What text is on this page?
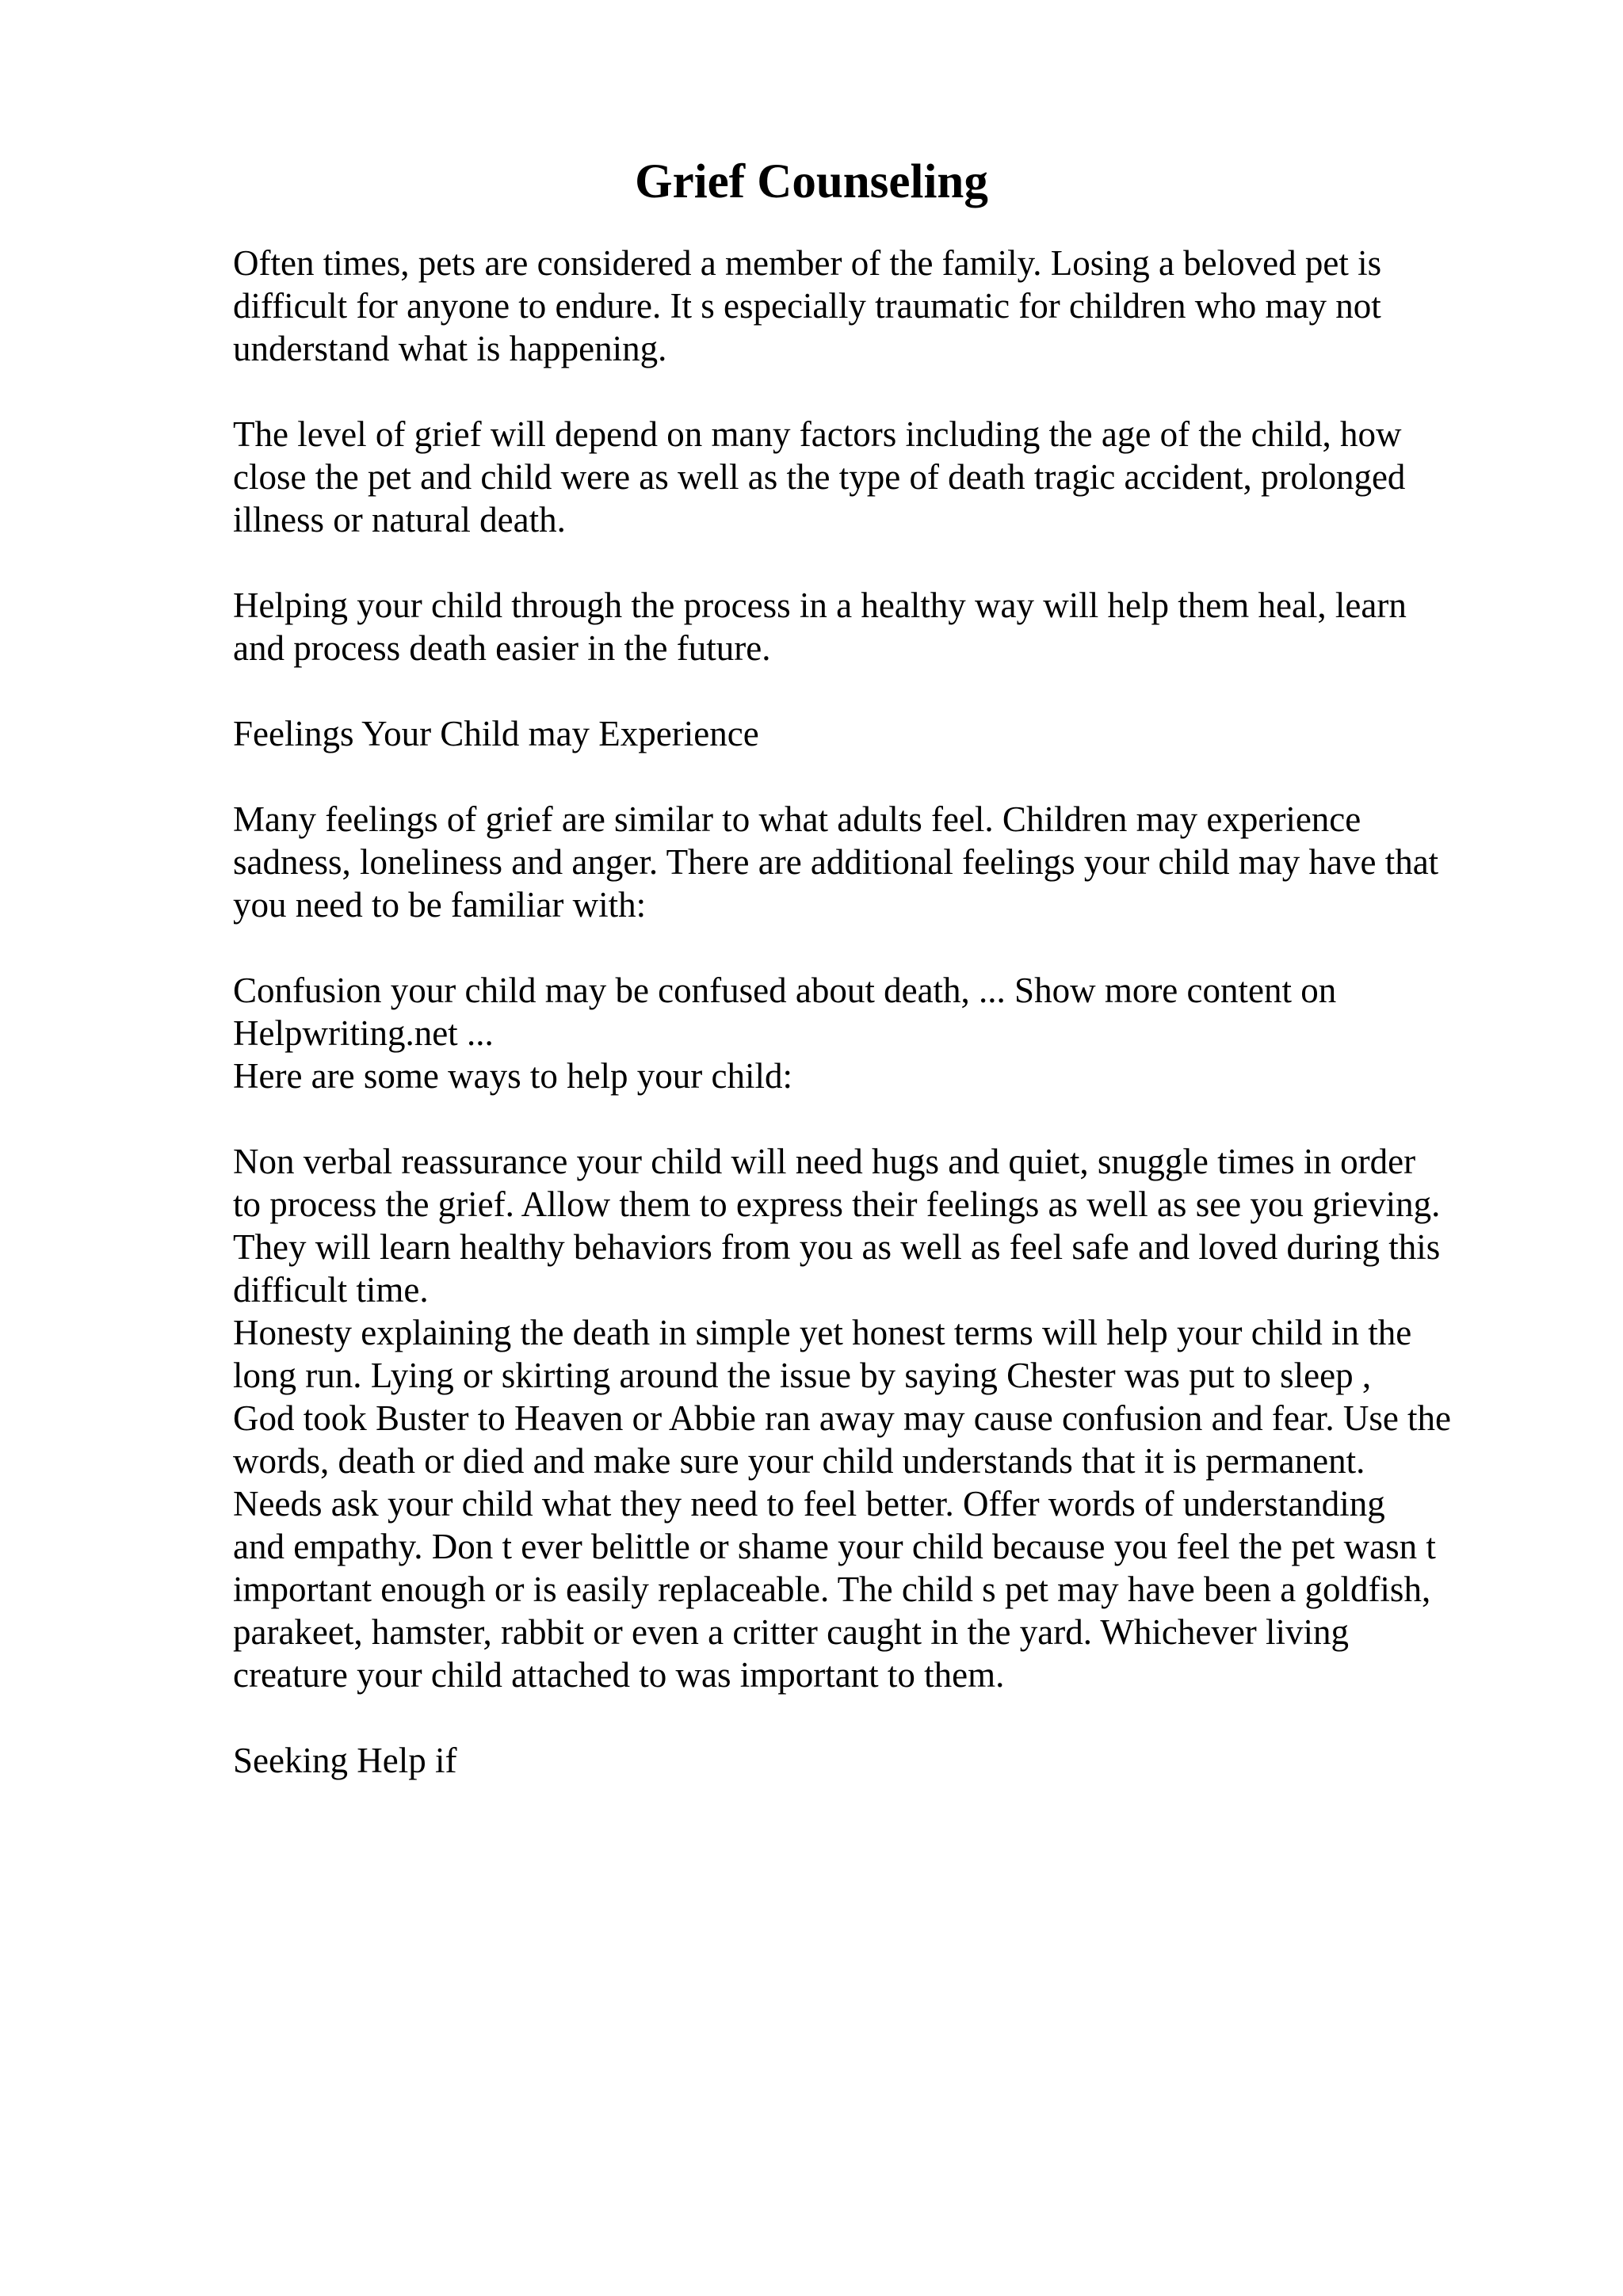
Grief Counseling
Often times, pets are considered a member of the family. Losing a beloved pet is
difficult for anyone to endure. It s especially traumatic for children who may not
understand what is happening.
The level of grief will depend on many factors including the age of the child, how
close the pet and child were as well as the type of death tragic accident, prolonged
illness or natural death.
Helping your child through the process in a healthy way will help them heal, learn
and process death easier in the future.
Feelings Your Child may Experience
Many feelings of grief are similar to what adults feel. Children may experience
sadness, loneliness and anger. There are additional feelings your child may have that
you need to be familiar with:
Confusion your child may be confused about death, ... Show more content on
Helpwriting.net ...
Here are some ways to help your child:
Non verbal reassurance your child will need hugs and quiet, snuggle times in order
to process the grief. Allow them to express their feelings as well as see you grieving.
They will learn healthy behaviors from you as well as feel safe and loved during this
difficult time.
Honesty explaining the death in simple yet honest terms will help your child in the
long run. Lying or skirting around the issue by saying Chester was put to sleep ,
God took Buster to Heaven or Abbie ran away may cause confusion and fear. Use the
words, death or died and make sure your child understands that it is permanent.
Needs ask your child what they need to feel better. Offer words of understanding
and empathy. Don t ever belittle or shame your child because you feel the pet wasn t
important enough or is easily replaceable. The child s pet may have been a goldfish,
parakeet, hamster, rabbit or even a critter caught in the yard. Whichever living
creature your child attached to was important to them.
Seeking Help if
